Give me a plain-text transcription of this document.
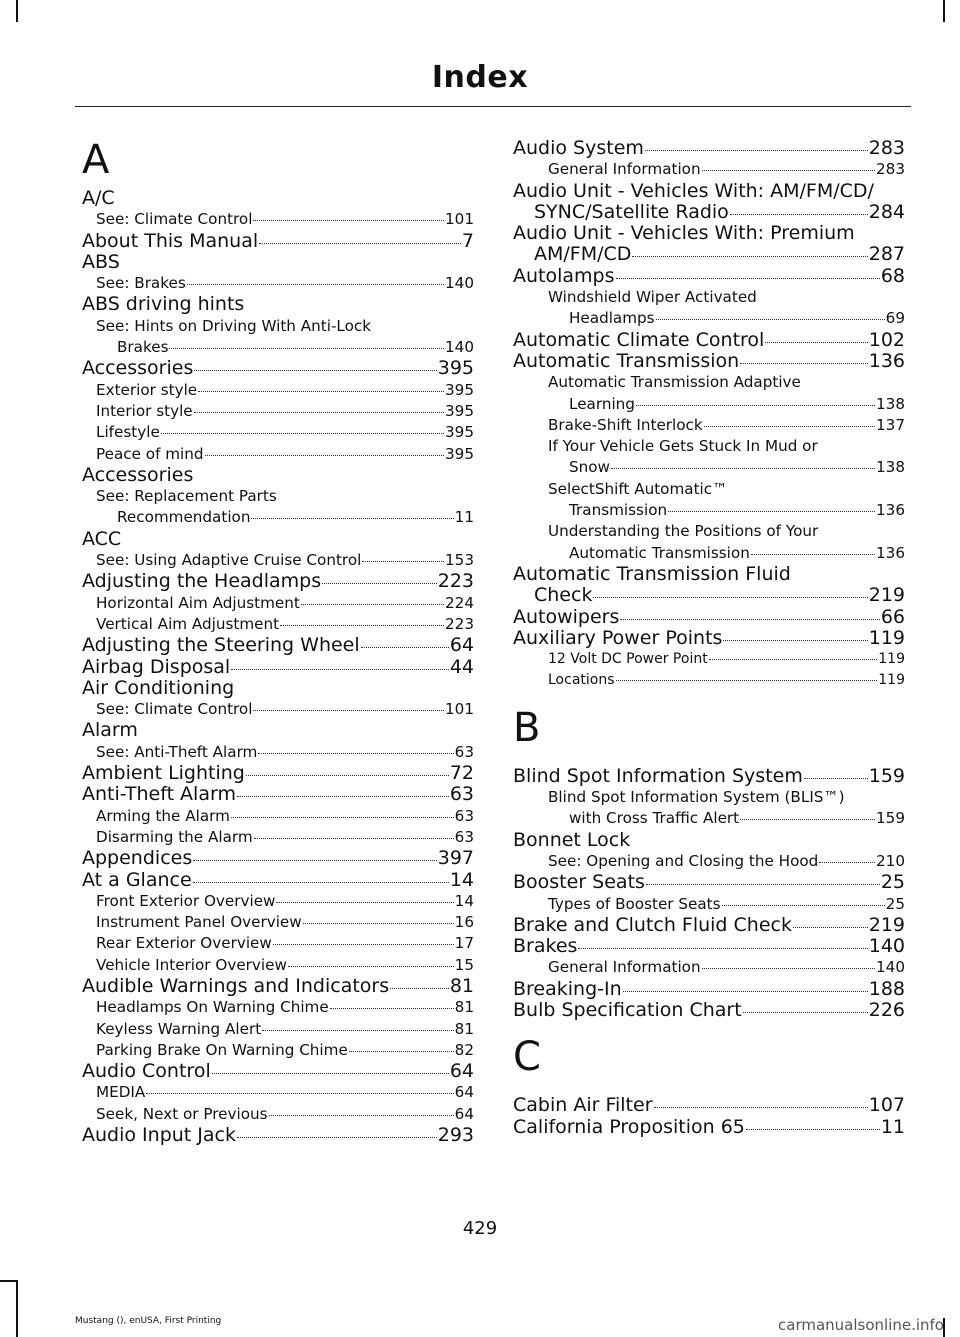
Index
A
A/C
See: Climate Control	101
About This Manual	7
ABS
See: Brakes	140
ABS driving hints
See: Hints on Driving With Anti-Lock
Brakes	140
Accessories	395
Exterior style	395
Interior style	395
Lifestyle	395
Peace of mind	395
Accessories
See: Replacement Parts
Recommendation	11
ACC
See: Using Adaptive Cruise Control	153
Adjusting the Headlamps	223
Horizontal Aim Adjustment	224
Vertical Aim Adjustment	223
Adjusting the Steering Wheel	64
Airbag Disposal	44
Air Conditioning
See: Climate Control	101
Alarm
See: Anti-Theft Alarm	63
Ambient Lighting	72
Anti-Theft Alarm	63
Arming the Alarm	63
Disarming the Alarm	63
Appendices	397
At a Glance	14
Front Exterior Overview	14
Instrument Panel Overview	16
Rear Exterior Overview	17
Vehicle Interior Overview	15
Audible Warnings and Indicators	81
Headlamps On Warning Chime	81
Keyless Warning Alert	81
Parking Brake On Warning Chime	82
Audio Control	64
MEDIA	64
Seek, Next or Previous	64
Audio Input Jack	293
Audio System	283
General Information	283
Audio Unit - Vehicles With: AM/FM/CD/
SYNC/Satellite Radio	284
Audio Unit - Vehicles With: Premium
AM/FM/CD	287
Autolamps	68
Windshield Wiper Activated
Headlamps	69
Automatic Climate Control	102
Automatic Transmission	136
Automatic Transmission Adaptive
Learning	138
Brake-Shift Interlock	137
If Your Vehicle Gets Stuck In Mud or
Snow	138
SelectShift Automatic™
Transmission	136
Understanding the Positions of Your
Automatic Transmission	136
Automatic Transmission Fluid
Check	219
Autowipers	66
Auxiliary Power Points	119
12 Volt DC Power Point	119
Locations	119
B
Blind Spot Information System	159
Blind Spot Information System (BLIS™)
with Cross Traffic Alert	159
Bonnet Lock
See: Opening and Closing the Hood	210
Booster Seats	25
Types of Booster Seats	25
Brake and Clutch Fluid Check	219
Brakes	140
General Information	140
Breaking-In	188
Bulb Specification Chart	226
C
Cabin Air Filter	107
California Proposition 65	11
429
Mustang (), enUSA, First Printing	carmanualsonline.info
